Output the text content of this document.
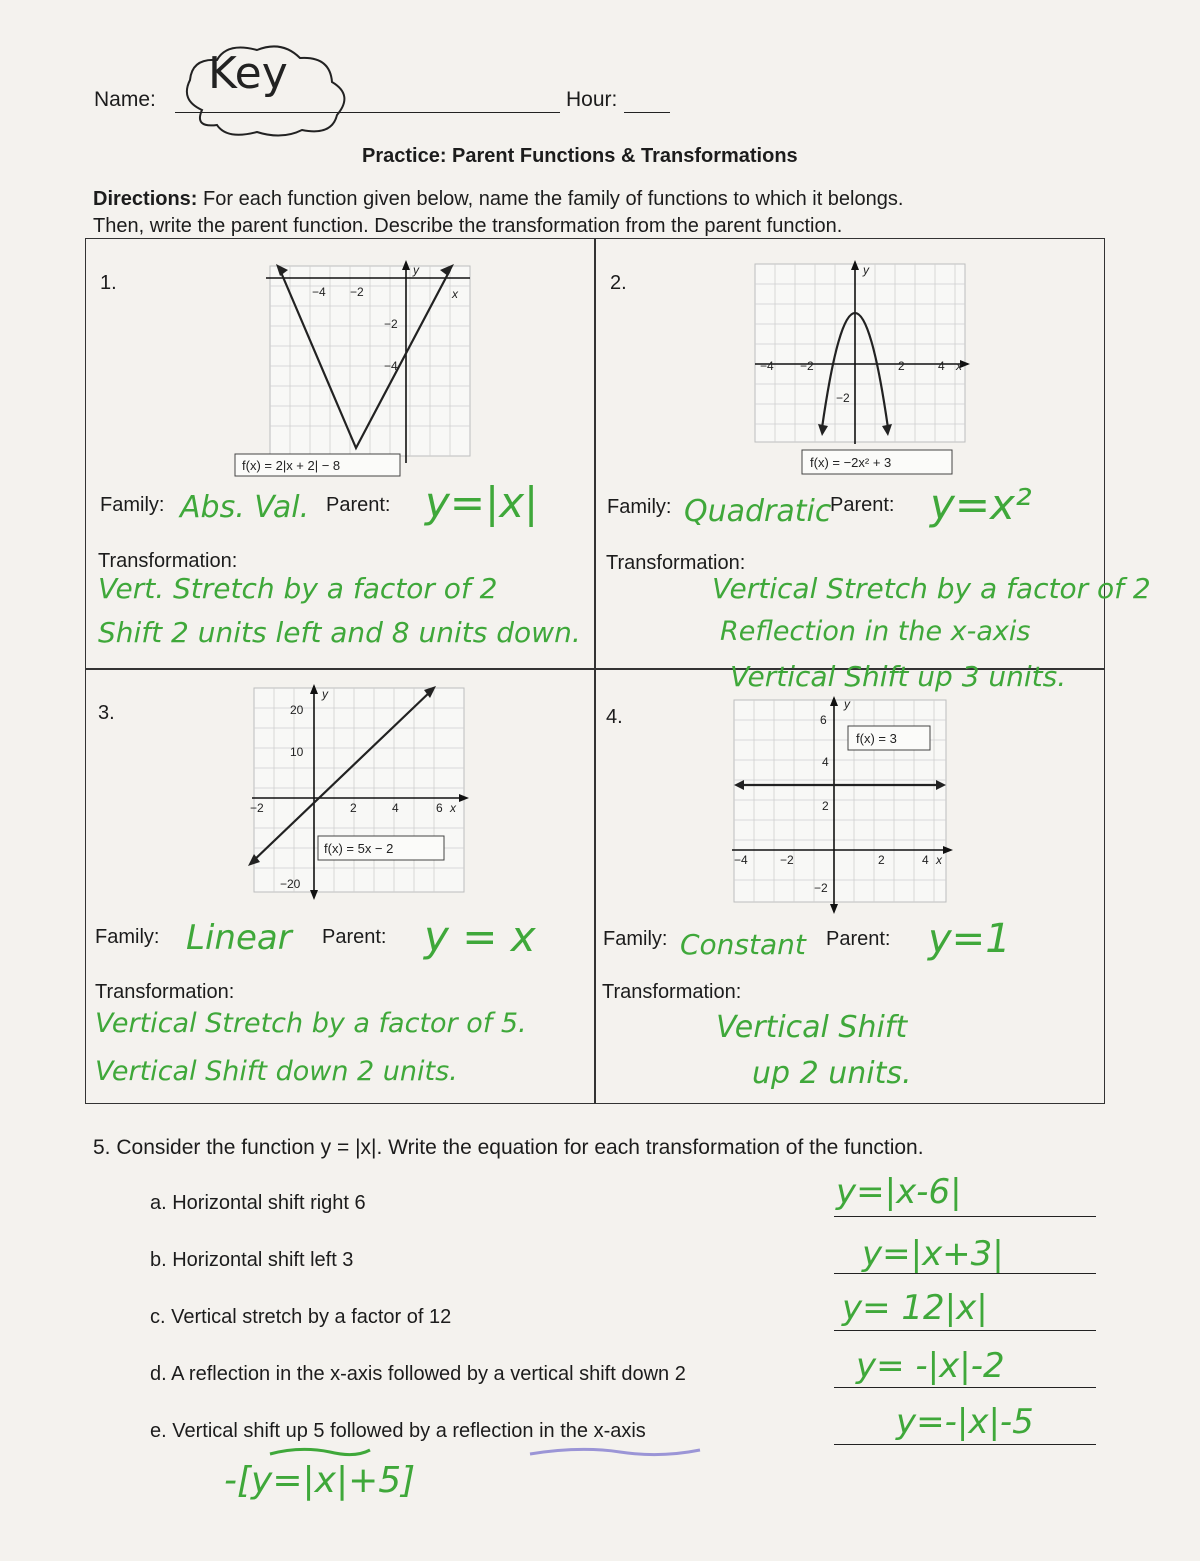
Name:
Key
Hour:
Practice: Parent Functions & Transformations
Directions: For each function given below, name the family of functions to which it belongs.
Then, write the parent function. Describe the transformation from the parent function.
1.	−4 −2
−2
−4
x
y
f(x) = 2|x + 2| − 8
Family: Abs. Val. Parent: y=|x|
Transformation:
Vert. Stretch by a factor of 2
Shift 2 units left and 8 units down.
2.
−4 −2	2	4
−2
x
y
f(x) = −2x² + 3
Family: Quadratic
Parent: y=x²
Transformation:
Vertical Stretch by a factor of 2
Reflection in the x-axis
Vertical Shift up 3 units.
3.	20
10
−2	2	4	6
−20
x
y
f(x) = 5x − 2
Family: Linear Parent: y = x
Transformation:
Vertical Stretch by a factor of 5.
Vertical Shift down 2 units.
4.	6
4
2
−4	−2	2	4
−2
x
y
f(x) = 3
Family: Constant Parent: y=1
Transformation:
Vertical Shift
up 2 units.
5. Consider the function y = |x|. Write the equation for each transformation of the function.
a. Horizontal shift right 6	y=|x-6|
b. Horizontal shift left 3	y=|x+3|
c. Vertical stretch by a factor of 12	y= 12|x|
d. A reflection in the x-axis followed by a vertical shift down 2	y= -|x|-2
e. Vertical shift up 5 followed by a reflection in the x-axis	y=-|x|-5
-[y=|x|+5]
